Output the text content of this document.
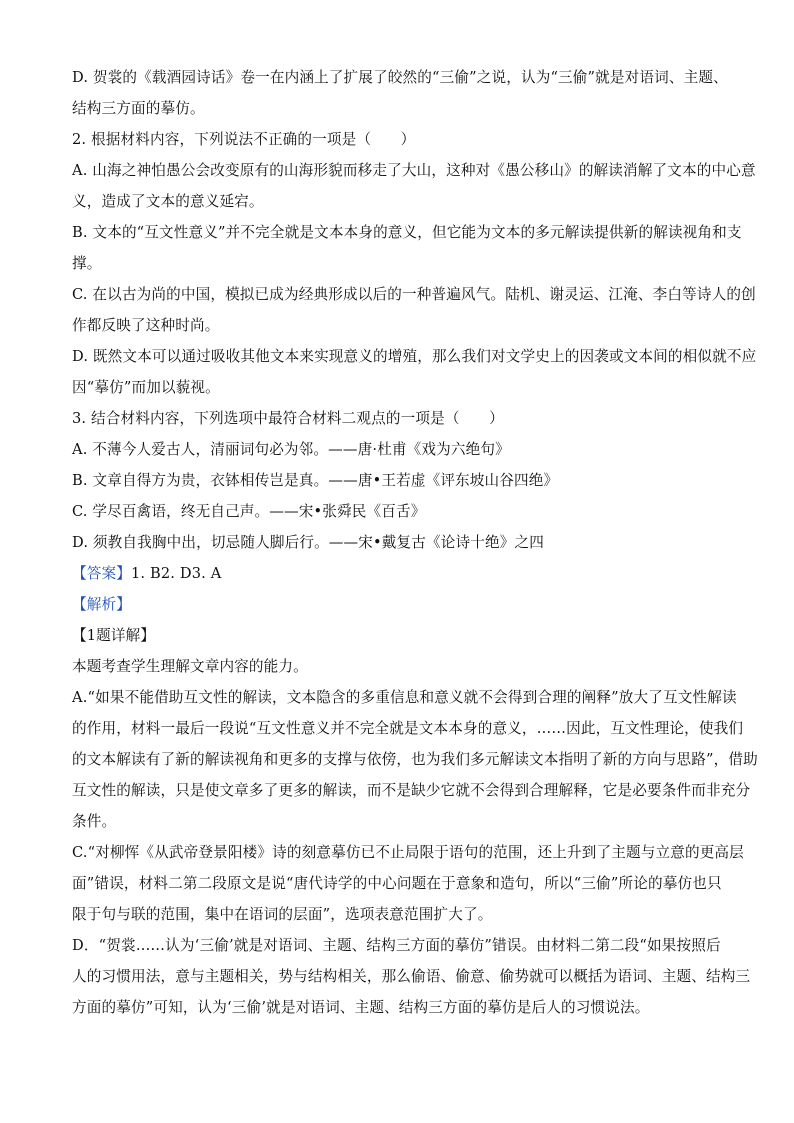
D. 贺裳的《载酒园诗话》卷一在内涵上了扩展了皎然的“三偷”之说，认为“三偷”就是对语词、主题、
结构三方面的摹仿。
2. 根据材料内容，下列说法不正确的一项是（　　）
A. 山海之神怕愚公会改变原有的山海形貌而移走了大山，这种对《愚公移山》的解读消解了文本的中心意
义，造成了文本的意义延宕。
B. 文本的“互文性意义”并不完全就是文本本身的意义，但它能为文本的多元解读提供新的解读视角和支
撑。
C. 在以古为尚的中国，模拟已成为经典形成以后的一种普遍风气。陆机、谢灵运、江淹、李白等诗人的创
作都反映了这种时尚。
D. 既然文本可以通过吸收其他文本来实现意义的增殖，那么我们对文学史上的因袭或文本间的相似就不应
因“摹仿”而加以藐视。
3. 结合材料内容，下列选项中最符合材料二观点的一项是（　　）
A. 不薄今人爱古人，清丽词句必为邻。——唐·杜甫《戏为六绝句》
B. 文章自得方为贵，衣钵相传岂是真。——唐•王若虚《评东坡山谷四绝》
C. 学尽百禽语，终无自己声。——宋•张舜民《百舌》
D. 须教自我胸中出，切忌随人脚后行。——宋•戴复古《论诗十绝》之四
【答案】1. B2. D3. A
【解析】
【1题详解】
本题考查学生理解文章内容的能力。
A.“如果不能借助互文性的解读，文本隐含的多重信息和意义就不会得到合理的阐释”放大了互文性解读
的作用，材料一最后一段说“互文性意义并不完全就是文本本身的意义，……因此，互文性理论，使我们
的文本解读有了新的解读视角和更多的支撑与依傍，也为我们多元解读文本指明了新的方向与思路”，借助
互文性的解读，只是使文章多了更多的解读，而不是缺少它就不会得到合理解释，它是必要条件而非充分
条件。
C.“对柳恽《从武帝登景阳楼》诗的刻意摹仿已不止局限于语句的范围，还上升到了主题与立意的更高层
面”错误，材料二第二段原文是说“唐代诗学的中心问题在于意象和造句，所以“三偷”所论的摹仿也只
限于句与联的范围，集中在语词的层面”，选项表意范围扩大了。
D．“贺裳……认为‘三偷’就是对语词、主题、结构三方面的摹仿”错误。由材料二第二段“如果按照后
人的习惯用法，意与主题相关，势与结构相关，那么偷语、偷意、偷势就可以概括为语词、主题、结构三
方面的摹仿”可知，认为‘三偷’就是对语词、主题、结构三方面的摹仿是后人的习惯说法。
